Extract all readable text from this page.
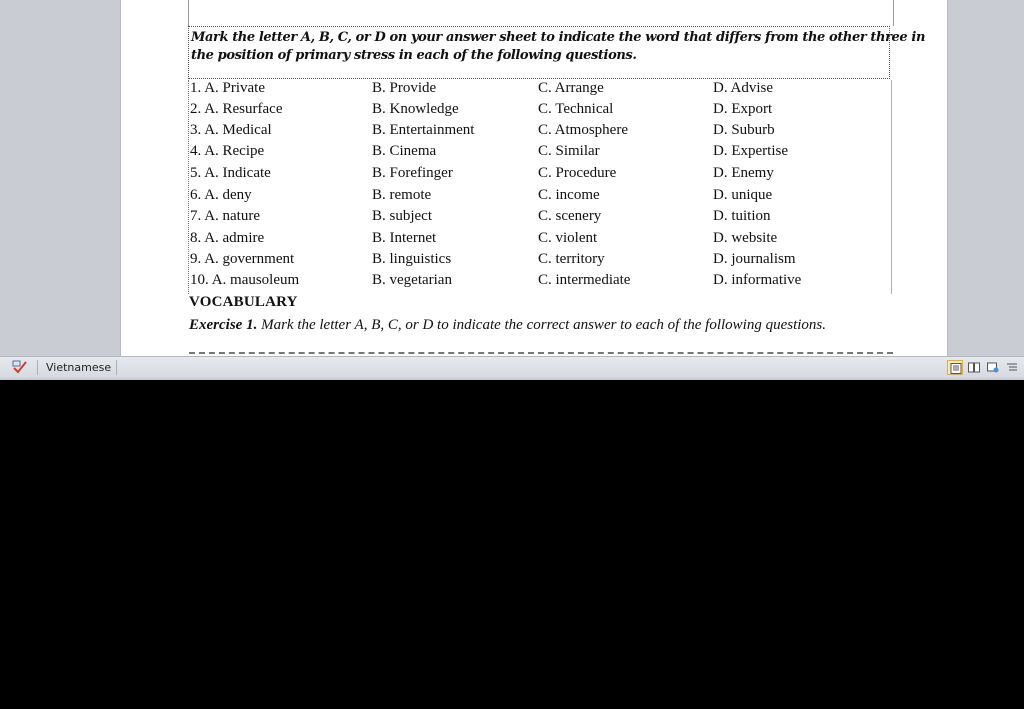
Mark the letter A, B, C, or D on your answer sheet to indicate the word that differs from the other three in
the position of primary stress in each of the following questions.
1. A. Private	B. Provide	C. Arrange	D. Advise
2. A. Resurface	B. Knowledge	C. Technical	D. Export
3. A. Medical	B. Entertainment	C. Atmosphere	D. Suburb
4. A. Recipe	B. Cinema	C. Similar	D. Expertise
5. A. Indicate	B. Forefinger	C. Procedure	D. Enemy
6. A. deny	B. remote	C. income	D. unique
7. A. nature	B. subject	C. scenery	D. tuition
8. A. admire	B. Internet	C. violent	D. website
9. A. government	B. linguistics	C. territory	D. journalism
10. A. mausoleum	B. vegetarian	C. intermediate	D. informative
VOCABULARY
Exercise 1. Mark the letter A, B, C, or D to indicate the correct answer to each of the following questions.
Vietnamese
